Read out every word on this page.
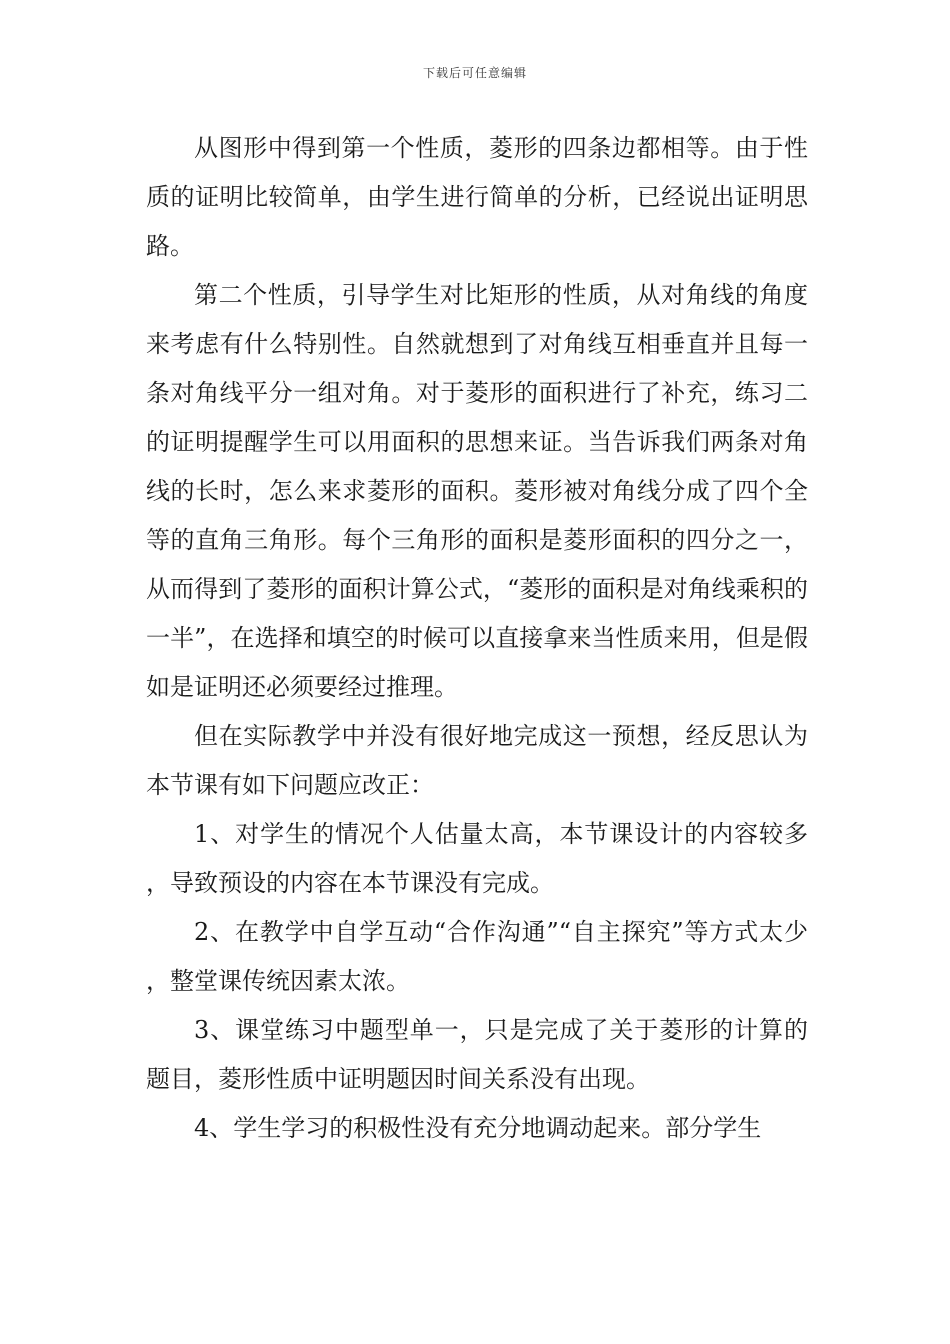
下载后可任意编辑

从图形中得到第一个性质，菱形的四条边都相等。由于性质的证明比较简单，由学生进行简单的分析，已经说出证明思路。

第二个性质，引导学生对比矩形的性质，从对角线的角度来考虑有什么特别性。自然就想到了对角线互相垂直并且每一条对角线平分一组对角。对于菱形的面积进行了补充，练习二的证明提醒学生可以用面积的思想来证。当告诉我们两条对角线的长时，怎么来求菱形的面积。菱形被对角线分成了四个全等的直角三角形。每个三角形的面积是菱形面积的四分之一，从而得到了菱形的面积计算公式，“菱形的面积是对角线乘积的一半”，在选择和填空的时候可以直接拿来当性质来用，但是假如是证明还必须要经过推理。

但在实际教学中并没有很好地完成这一预想，经反思认为本节课有如下问题应改正：

1、对学生的情况个人估量太高，本节课设计的内容较多，导致预设的内容在本节课没有完成。

2、在教学中自学互动“合作沟通”“自主探究”等方式太少，整堂课传统因素太浓。

3、课堂练习中题型单一，只是完成了关于菱形的计算的题目，菱形性质中证明题因时间关系没有出现。

4、学生学习的积极性没有充分地调动起来。部分学生
